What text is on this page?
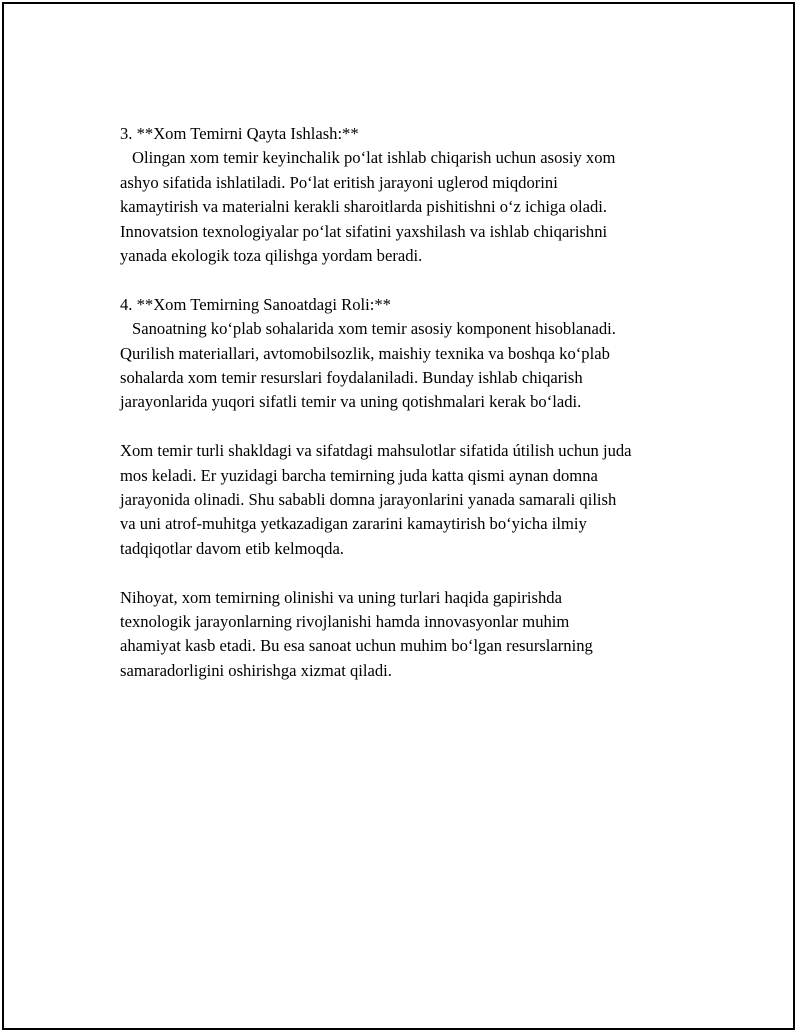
3. **Xom Temirni Qayta Ishlash:**
Olingan xom temir keyinchalik po‘lat ishlab chiqarish uchun asosiy xom
ashyo sifatida ishlatiladi. Po‘lat eritish jarayoni uglerod miqdorini
kamaytirish va materialni kerakli sharoitlarda pishitishni o‘z ichiga oladi.
Innovatsion texnologiyalar po‘lat sifatini yaxshilash va ishlab chiqarishni
yanada ekologik toza qilishga yordam beradi.
4. **Xom Temirning Sanoatdagi Roli:**
Sanoatning ko‘plab sohalarida xom temir asosiy komponent hisoblanadi.
Qurilish materiallari, avtomobilsozlik, maishiy texnika va boshqa ko‘plab
sohalarda xom temir resurslari foydalaniladi. Bunday ishlab chiqarish
jarayonlarida yuqori sifatli temir va uning qotishmalari kerak bo‘ladi.
Xom temir turli shakldagi va sifatdagi mahsulotlar sifatida útilish uchun juda
mos keladi. Er yuzidagi barcha temirning juda katta qismi aynan domna
jarayonida olinadi. Shu sababli domna jarayonlarini yanada samarali qilish
va uni atrof-muhitga yetkazadigan zararini kamaytirish bo‘yicha ilmiy
tadqiqotlar davom etib kelmoqda.
Nihoyat, xom temirning olinishi va uning turlari haqida gapirishda
texnologik jarayonlarning rivojlanishi hamda innovasyonlar muhim
ahamiyat kasb etadi. Bu esa sanoat uchun muhim bo‘lgan resurslarning
samaradorligini oshirishga xizmat qiladi.
